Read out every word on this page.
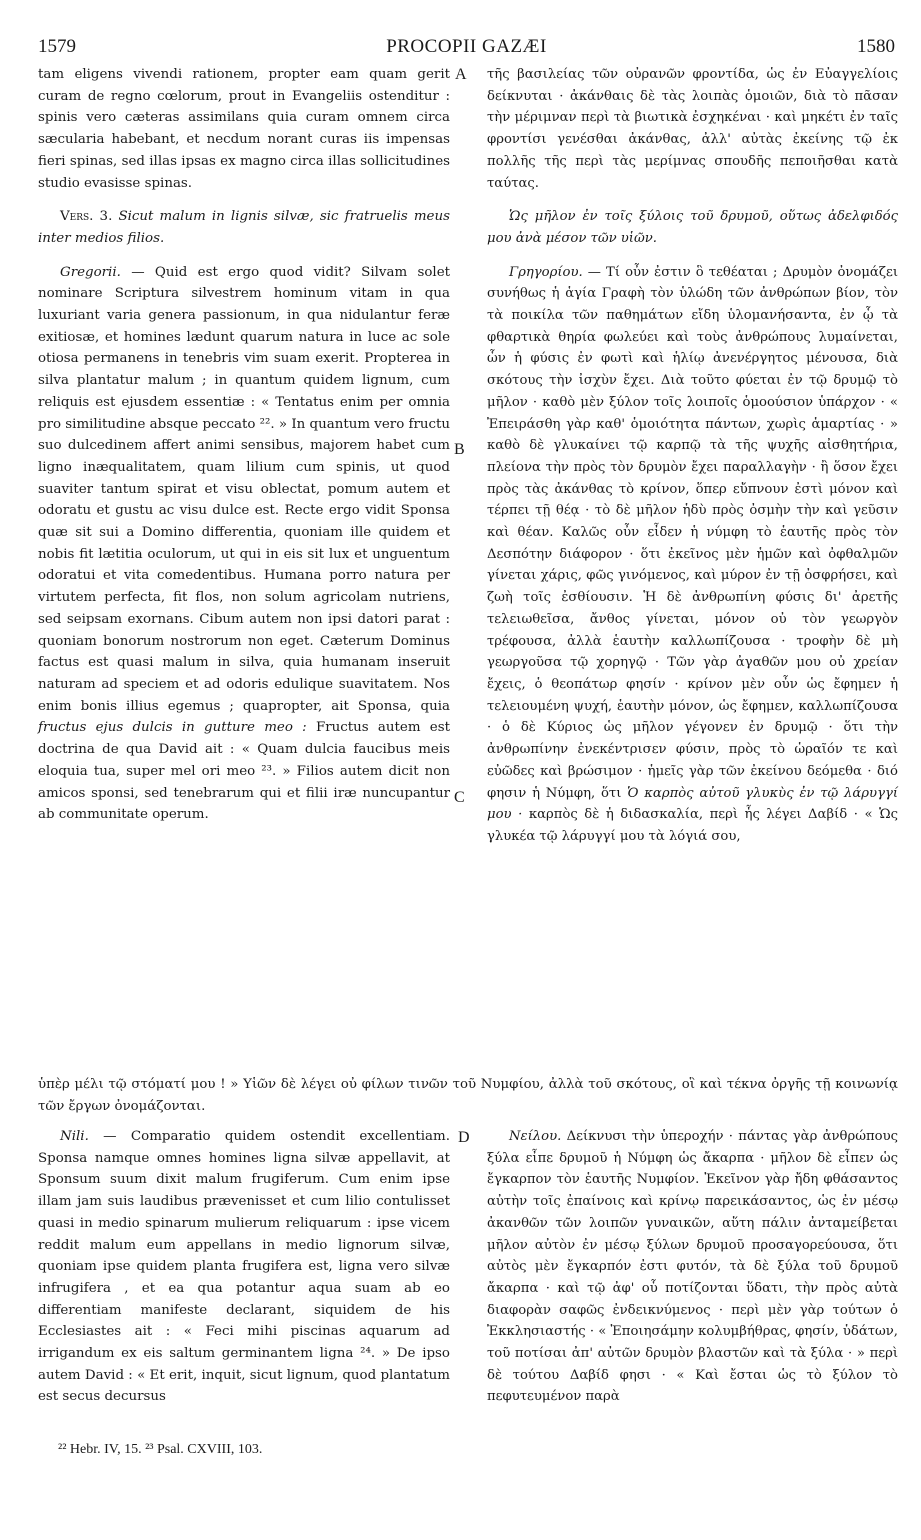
1579	PROCOPII GAZÆI	1580
A
B
C
D

tam eligens vivendi rationem, propter eam quam gerit curam de regno cœlorum, prout in Evangeliis ostenditur : spinis vero cæteras assimilans quia curam omnem circa sæcularia habebant, et necdum norant curas iis impensas fieri spinas, sed illas ipsas ex magno circa illas sollicitudines studio evasisse spinas.

Vers. 3. Sicut malum in lignis silvæ, sic fratruelis meus inter medios filios.

Gregorii. — Quid est ergo quod vidit? Silvam solet nominare Scriptura silvestrem hominum vitam in qua luxuriant varia genera passionum, in qua nidulantur feræ exitiosæ, et homines lædunt quarum natura in luce ac sole otiosa permanens in tenebris vim suam exerit. Propterea in silva plantatur malum ; in quantum quidem lignum, cum reliquis est ejusdem essentiæ : « Tentatus enim per omnia pro similitudine absque peccato ²². » In quantum vero fructu suo dulcedinem affert animi sensibus, majorem habet cum ligno inæqualitatem, quam lilium cum spinis, ut quod suaviter tantum spirat et visu oblectat, pomum autem et odoratu et gustu ac visu dulce est. Recte ergo vidit Sponsa quæ sit sui a Domino differentia, quoniam ille quidem et nobis fit lætitia oculorum, ut qui in eis sit lux et unguentum odoratui et vita comedentibus. Humana porro natura per virtutem perfecta, fit flos, non solum agricolam nutriens, sed seipsam exornans. Cibum autem non ipsi datori parat : quoniam bonorum nostrorum non eget. Cæterum Dominus factus est quasi malum in silva, quia humanam inseruit naturam ad speciem et ad odoris edulique suavitatem. Nos enim bonis illius egemus ; quapropter, ait Sponsa, quia fructus ejus dulcis in gutture meo : Fructus autem est doctrina de qua David ait : « Quam dulcia faucibus meis eloquia tua, super mel ori meo ²³. » Filios autem dicit non amicos sponsi, sed tenebrarum qui et filii iræ nuncupantur ab communitate operum.

τῆς βασιλείας τῶν οὐρανῶν φροντίδα, ὡς ἐν Εὐαγγελίοις δείκνυται · ἀκάνθαις δὲ τὰς λοιπὰς ὁμοιῶν, διὰ τὸ πᾶσαν τὴν μέριμναν περὶ τὰ βιωτικὰ ἐσχηκέναι · καὶ μηκέτι ἐν ταῖς φροντίσι γενέσθαι ἀκάνθας, ἀλλ' αὐτὰς ἐκείνης τῷ ἐκ πολλῆς τῆς περὶ τὰς μερίμνας σπουδῆς πεποιῆσθαι κατὰ ταύτας.

Ὡς μῆλον ἐν τοῖς ξύλοις τοῦ δρυμοῦ, οὕτως ἀδελφιδός μου ἀνὰ μέσον τῶν υἱῶν.

Γρηγορίου. — Τί οὖν ἐστιν ὃ τεθέαται ; Δρυμὸν ὀνομάζει συνήθως ἡ ἁγία Γραφὴ τὸν ὑλώδη τῶν ἀνθρώπων βίον, τὸν τὰ ποικίλα τῶν παθημάτων εἴδη ὑλομανήσαντα, ἐν ᾧ τὰ φθαρτικὰ θηρία φωλεύει καὶ τοὺς ἀνθρώπους λυμαίνεται, ὧν ἡ φύσις ἐν φωτὶ καὶ ἡλίῳ ἀνενέργητος μένουσα, διὰ σκότους τὴν ἰσχὺν ἔχει. Διὰ τοῦτο φύεται ἐν τῷ δρυμῷ τὸ μῆλον · καθὸ μὲν ξύλον τοῖς λοιποῖς ὁμοούσιον ὑπάρχον · « Ἐπειράσθη γὰρ καθ' ὁμοιότητα πάντων, χωρὶς ἁμαρτίας · » καθὸ δὲ γλυκαίνει τῷ καρπῷ τὰ τῆς ψυχῆς αἰσθητήρια, πλείονα τὴν πρὸς τὸν δρυμὸν ἔχει παραλλαγὴν · ἢ ὅσον ἔχει πρὸς τὰς ἀκάνθας τὸ κρίνον, ὅπερ εὔπνουν ἐστὶ μόνον καὶ τέρπει τῇ θέᾳ · τὸ δὲ μῆλον ἡδὺ πρὸς ὀσμὴν τὴν καὶ γεῦσιν καὶ θέαν. Καλῶς οὖν εἶδεν ἡ νύμφη τὸ ἑαυτῆς πρὸς τὸν Δεσπότην διάφορον · ὅτι ἐκεῖνος μὲν ἡμῶν καὶ ὀφθαλμῶν γίνεται χάρις, φῶς γινόμενος, καὶ μύρον ἐν τῇ ὀσφρήσει, καὶ ζωὴ τοῖς ἐσθίουσιν. Ἡ δὲ ἀνθρωπίνη φύσις δι' ἀρετῆς τελειωθεῖσα, ἄνθος γίνεται, μόνον οὐ τὸν γεωργὸν τρέφουσα, ἀλλὰ ἑαυτὴν καλλωπίζουσα · τροφὴν δὲ μὴ γεωργοῦσα τῷ χορηγῷ · Τῶν γὰρ ἀγαθῶν μου οὐ χρείαν ἔχεις, ὁ θεοπάτωρ φησίν · κρίνον μὲν οὖν ὡς ἔφημεν ἡ τελειουμένη ψυχή, ἑαυτὴν μόνον, ὡς ἔφημεν, καλλωπίζουσα · ὁ δὲ Κύριος ὡς μῆλον γέγονεν ἐν δρυμῷ · ὅτι τὴν ἀνθρωπίνην ἐνεκέντρισεν φύσιν, πρὸς τὸ ὡραῖόν τε καὶ εὐῶδες καὶ βρώσιμον · ἡμεῖς γὰρ τῶν ἐκείνου δεόμεθα · διό φησιν ἡ Νύμφη, ὅτι Ὁ καρπὸς αὐτοῦ γλυκὺς ἐν τῷ λάρυγγί μου · καρπὸς δὲ ἡ διδασκαλία, περὶ ἧς λέγει Δαβίδ · « Ὡς γλυκέα τῷ λάρυγγί μου τὰ λόγιά σου,

ὑπὲρ μέλι τῷ στόματί μου ! » Υἱῶν δὲ λέγει οὐ φίλων τινῶν τοῦ Νυμφίου, ἀλλὰ τοῦ σκότους, οἳ καὶ τέκνα ὀργῆς τῇ κοινωνίᾳ τῶν ἔργων ὀνομάζονται.

Nili. — Comparatio quidem ostendit excellentiam. Sponsa namque omnes homines ligna silvæ appellavit, at Sponsum suum dixit malum frugiferum. Cum enim ipse illam jam suis laudibus prævenisset et cum lilio contulisset quasi in medio spinarum mulierum reliquarum : ipse vicem reddit malum eum appellans in medio lignorum silvæ, quoniam ipse quidem planta frugifera est, ligna vero silvæ infrugifera , et ea qua potantur aqua suam ab eo differentiam manifeste declarant, siquidem de his Ecclesiastes ait : « Feci mihi piscinas aquarum ad irrigandum ex eis saltum germinantem ligna ²⁴. » De ipso autem David : « Et erit, inquit, sicut lignum, quod plantatum est secus decursus

Νείλου. Δείκνυσι τὴν ὑπεροχήν · πάντας γὰρ ἀνθρώπους ξύλα εἶπε δρυμοῦ ἡ Νύμφη ὡς ἄκαρπα · μῆλον δὲ εἶπεν ὡς ἔγκαρπον τὸν ἑαυτῆς Νυμφίον. Ἐκεῖνον γὰρ ἤδη φθάσαντος αὐτὴν τοῖς ἐπαίνοις καὶ κρίνῳ παρεικάσαντος, ὡς ἐν μέσῳ ἀκανθῶν τῶν λοιπῶν γυναικῶν, αὕτη πάλιν ἀνταμείβεται μῆλον αὐτὸν ἐν μέσῳ ξύλων δρυμοῦ προσαγορεύουσα, ὅτι αὐτὸς μὲν ἔγκαρπόν ἐστι φυτόν, τὰ δὲ ξύλα τοῦ δρυμοῦ ἄκαρπα · καὶ τῷ ἀφ' οὗ ποτίζονται ὕδατι, τὴν πρὸς αὐτὰ διαφορὰν σαφῶς ἐνδεικνύμενος · περὶ μὲν γὰρ τούτων ὁ Ἐκκλησιαστής · « Ἐποιησάμην κολυμβήθρας, φησίν, ὑδάτων, τοῦ ποτίσαι ἀπ' αὐτῶν δρυμὸν βλαστῶν καὶ τὰ ξύλα · » περὶ δὲ τούτου Δαβίδ φησι · « Καὶ ἔσται ὡς τὸ ξύλον τὸ πεφυτευμένον παρὰ

²² Hebr. IV, 15. ²³ Psal. CXVIII, 103.
